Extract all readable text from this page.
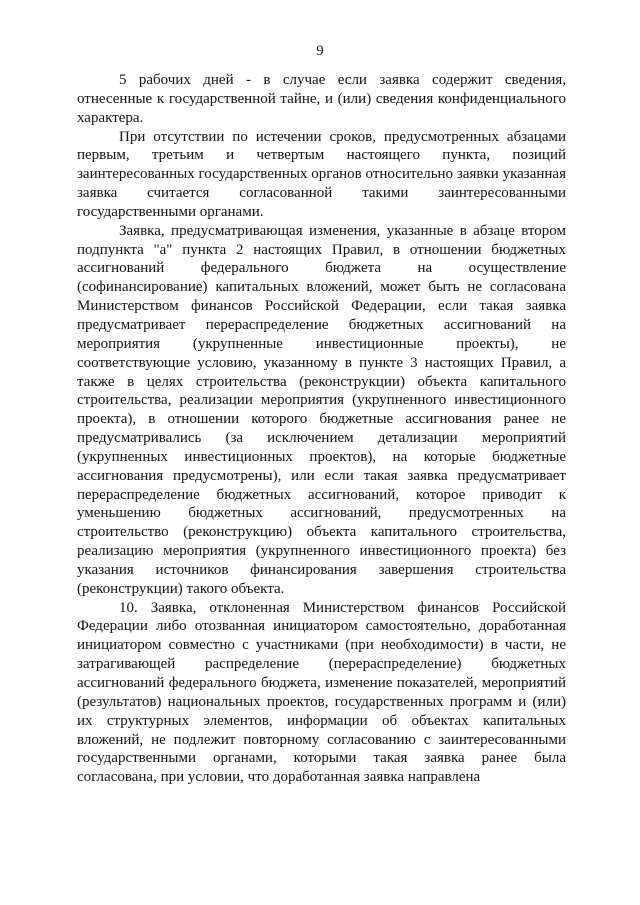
9

5 рабочих дней - в случае если заявка содержит сведения, отнесенные к государственной тайне, и (или) сведения конфиденциального характера.

При отсутствии по истечении сроков, предусмотренных абзацами первым, третьим и четвертым настоящего пункта, позиций заинтересованных государственных органов относительно заявки указанная заявка считается согласованной такими заинтересованными государственными органами.

Заявка, предусматривающая изменения, указанные в абзаце втором подпункта "а" пункта 2 настоящих Правил, в отношении бюджетных ассигнований федерального бюджета на осуществление (софинансирование) капитальных вложений, может быть не согласована Министерством финансов Российской Федерации, если такая заявка предусматривает перераспределение бюджетных ассигнований на мероприятия (укрупненные инвестиционные проекты), не соответствующие условию, указанному в пункте 3 настоящих Правил, а также в целях строительства (реконструкции) объекта капитального строительства, реализации мероприятия (укрупненного инвестиционного проекта), в отношении которого бюджетные ассигнования ранее не предусматривались (за исключением детализации мероприятий (укрупненных инвестиционных проектов), на которые бюджетные ассигнования предусмотрены), или если такая заявка предусматривает перераспределение бюджетных ассигнований, которое приводит к уменьшению бюджетных ассигнований, предусмотренных на строительство (реконструкцию) объекта капитального строительства, реализацию мероприятия (укрупненного инвестиционного проекта) без указания источников финансирования завершения строительства (реконструкции) такого объекта.

10. Заявка, отклоненная Министерством финансов Российской Федерации либо отозванная инициатором самостоятельно, доработанная инициатором совместно с участниками (при необходимости) в части, не затрагивающей распределение (перераспределение) бюджетных ассигнований федерального бюджета, изменение показателей, мероприятий (результатов) национальных проектов, государственных программ и (или) их структурных элементов, информации об объектах капитальных вложений, не подлежит повторному согласованию с заинтересованными государственными органами, которыми такая заявка ранее была согласована, при условии, что доработанная заявка направлена
